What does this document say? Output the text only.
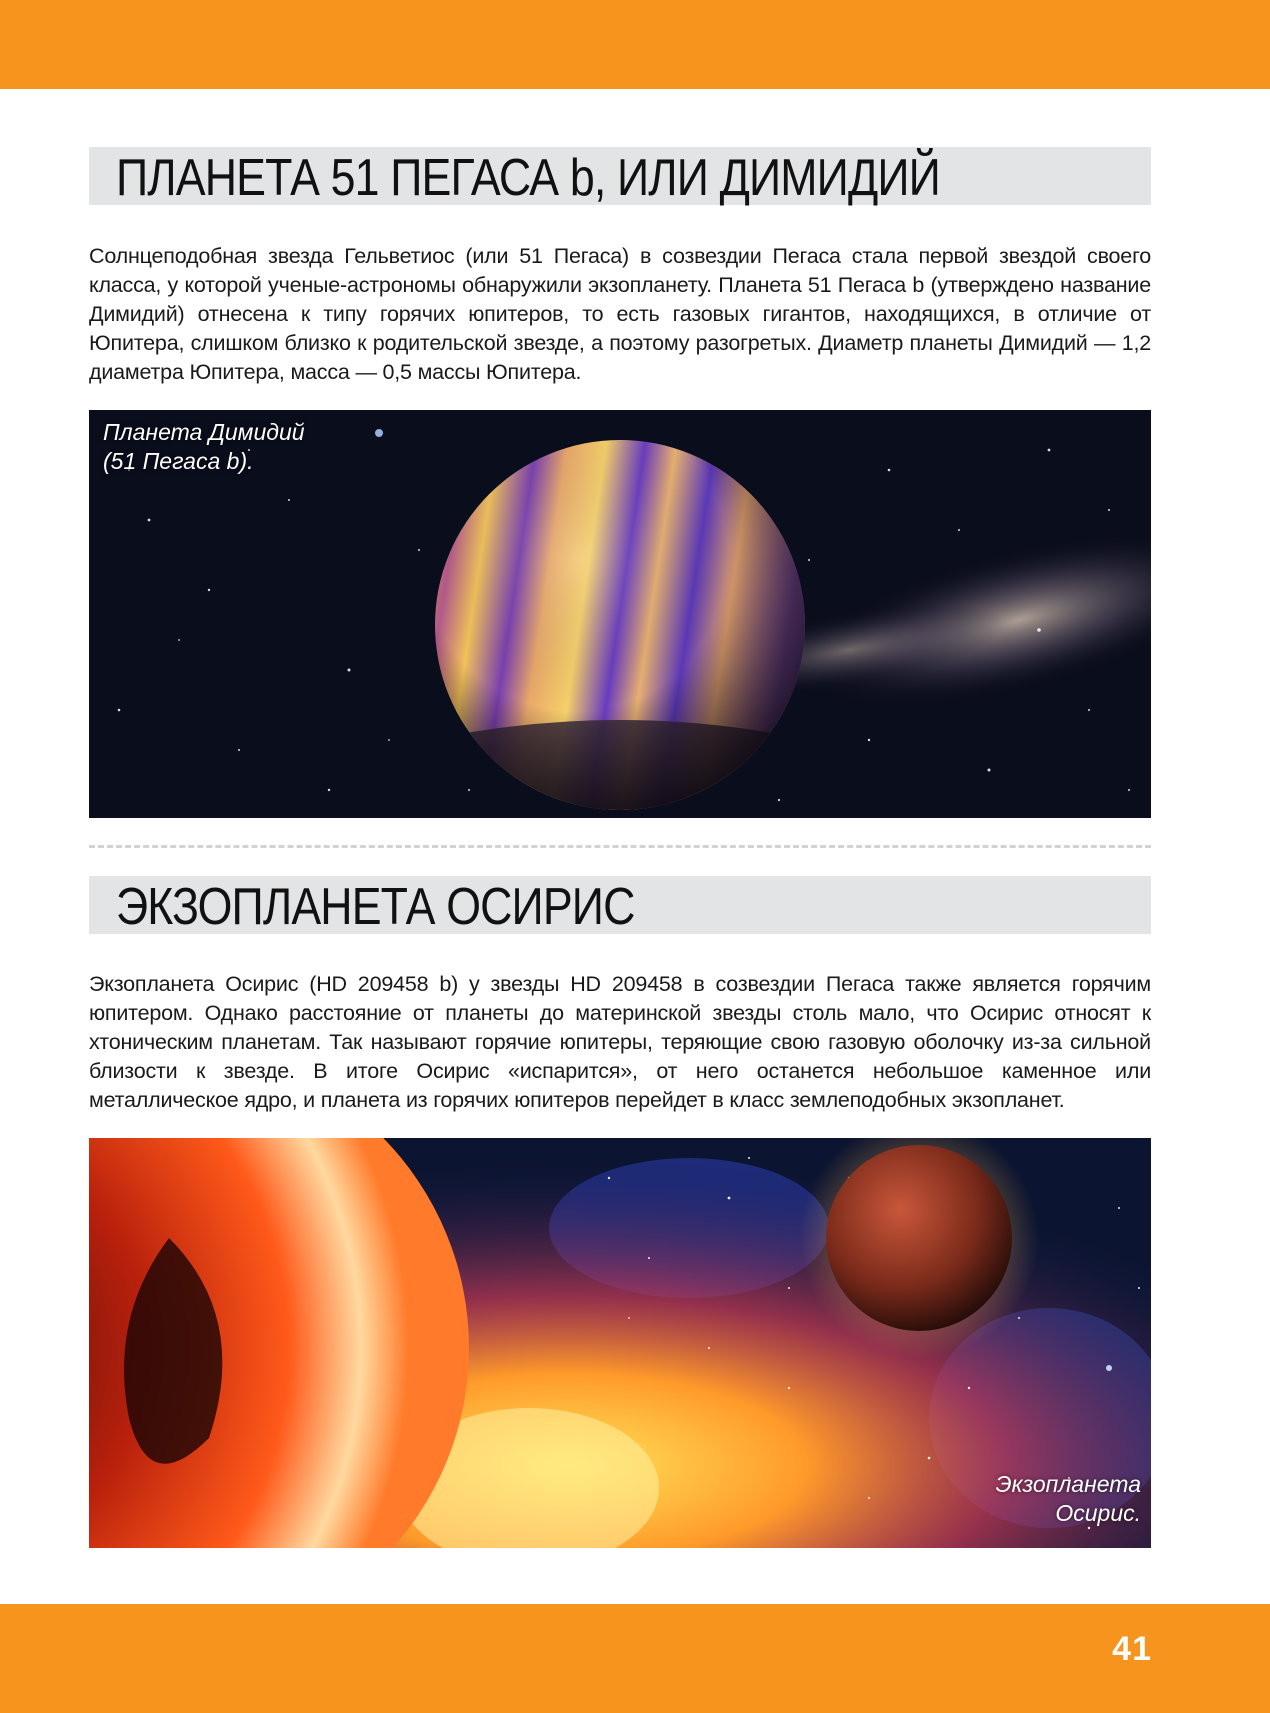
ПЛАНЕТА 51 ПЕГАСА b, ИЛИ ДИМИДИЙ

Солнцеподобная звезда Гельветиос (или 51 Пегаса) в созвездии Пегаса стала первой звездой своего класса, у которой ученые-астрономы обнаружили экзопланету. Планета 51 Пегаса b (утверждено название Димидий) отнесена к типу горячих юпитеров, то есть газовых гигантов, находящихся, в отличие от Юпитера, слишком близко к родительской звезде, а поэтому разогретых. Диаметр планеты Димидий — 1,2 диаметра Юпитера, масса — 0,5 массы Юпитера.

Планета Димидий
(51 Пегаса b).
ЭКЗОПЛАНЕТА ОСИРИС

Экзопланета Осирис (HD 209458 b) у звезды HD 209458 в созвездии Пегаса также является горячим юпитером. Однако расстояние от планеты до материнской звезды столь мало, что Осирис относят к хтоническим планетам. Так называют горячие юпитеры, теряющие свою газовую оболочку из-за сильной близости к звезде. В итоге Осирис «испарится», от него останется небольшое каменное или металлическое ядро, и планета из горячих юпитеров перейдет в класс землеподобных экзопланет.

Экзопланета
Осирис.
41
